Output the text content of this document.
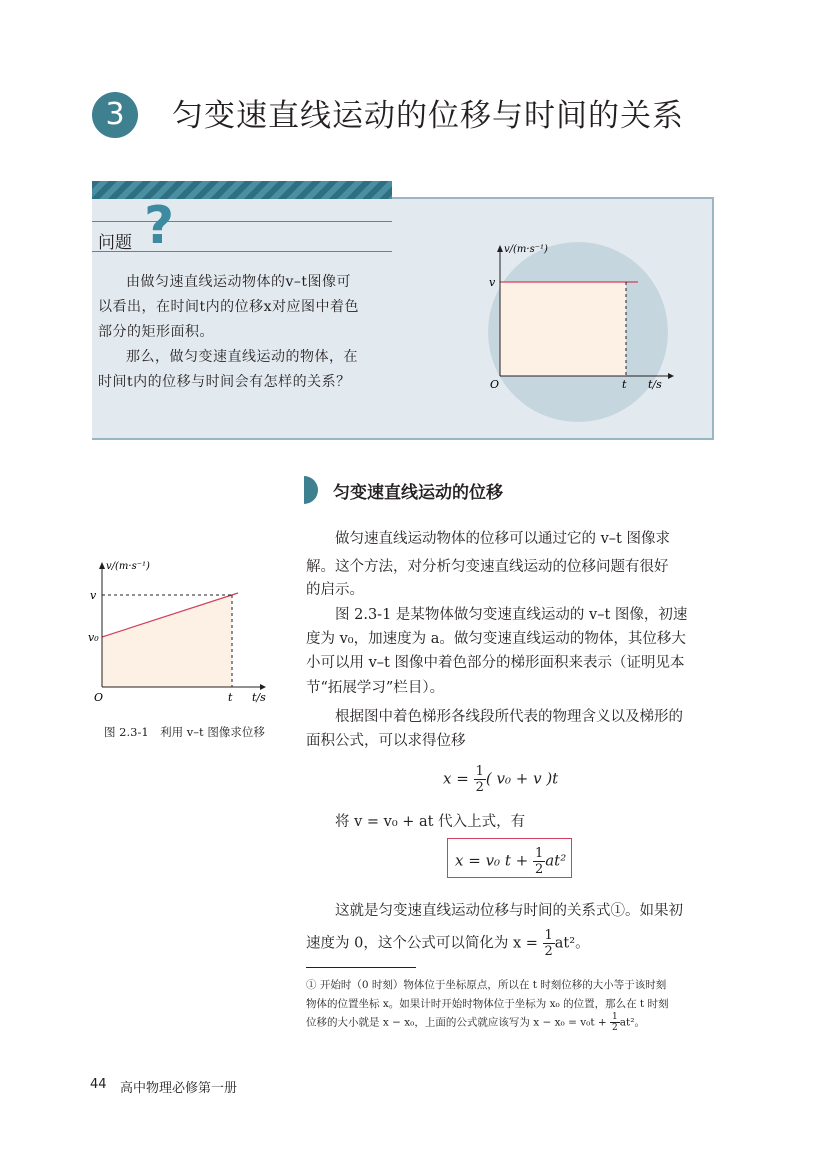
3	匀变速直线运动的位移与时间的关系
问题 ?
由做匀速直线运动物体的v–t图像可
以看出，在时间t内的位移x对应图中着色
部分的矩形面积。
那么，做匀变速直线运动的物体，在
时间t内的位移与时间会有怎样的关系？
v/(m·s⁻¹)
v
O	t t/s
匀变速直线运动的位移
做匀速直线运动物体的位移可以通过它的 v–t 图像求
解。这个方法，对分析匀变速直线运动的位移问题有很好
的启示。
图 2.3-1 是某物体做匀变速直线运动的 v–t 图像，初速
度为 v₀，加速度为 a。做匀变速直线运动的物体，其位移大
小可以用 v–t 图像中着色部分的梯形面积来表示（证明见本
节“拓展学习”栏目）。
根据图中着色梯形各线段所代表的物理含义以及梯形的
面积公式，可以求得位移
$x = \frac{1}{2}$ ( v₀ + v )t
将 v = v₀ + at 代入上式，有
x = v₀ $t + \frac{1}{2} at^2$
这就是匀变速直线运动位移与时间的关系式①。如果初
速度为 0，这个公式可以简化为 $x = \frac{1}{2} at^2$。
v/(m·s⁻¹)
v
v₀
O	t t/s
图 2.3-1　利用 v–t 图像求位移
① 开始时（0 时刻）物体位于坐标原点，所以在 t 时刻位移的大小等于该时刻
物体的位置坐标 x。如果计时开始时物体位于坐标为 x₀ 的位置，那么在 t 时刻
位移的大小就是 x − x₀，上面的公式就应该写为 $x - x_0 = v_0t + \frac{1}{2} at^2$。
44 高中物理必修第一册
